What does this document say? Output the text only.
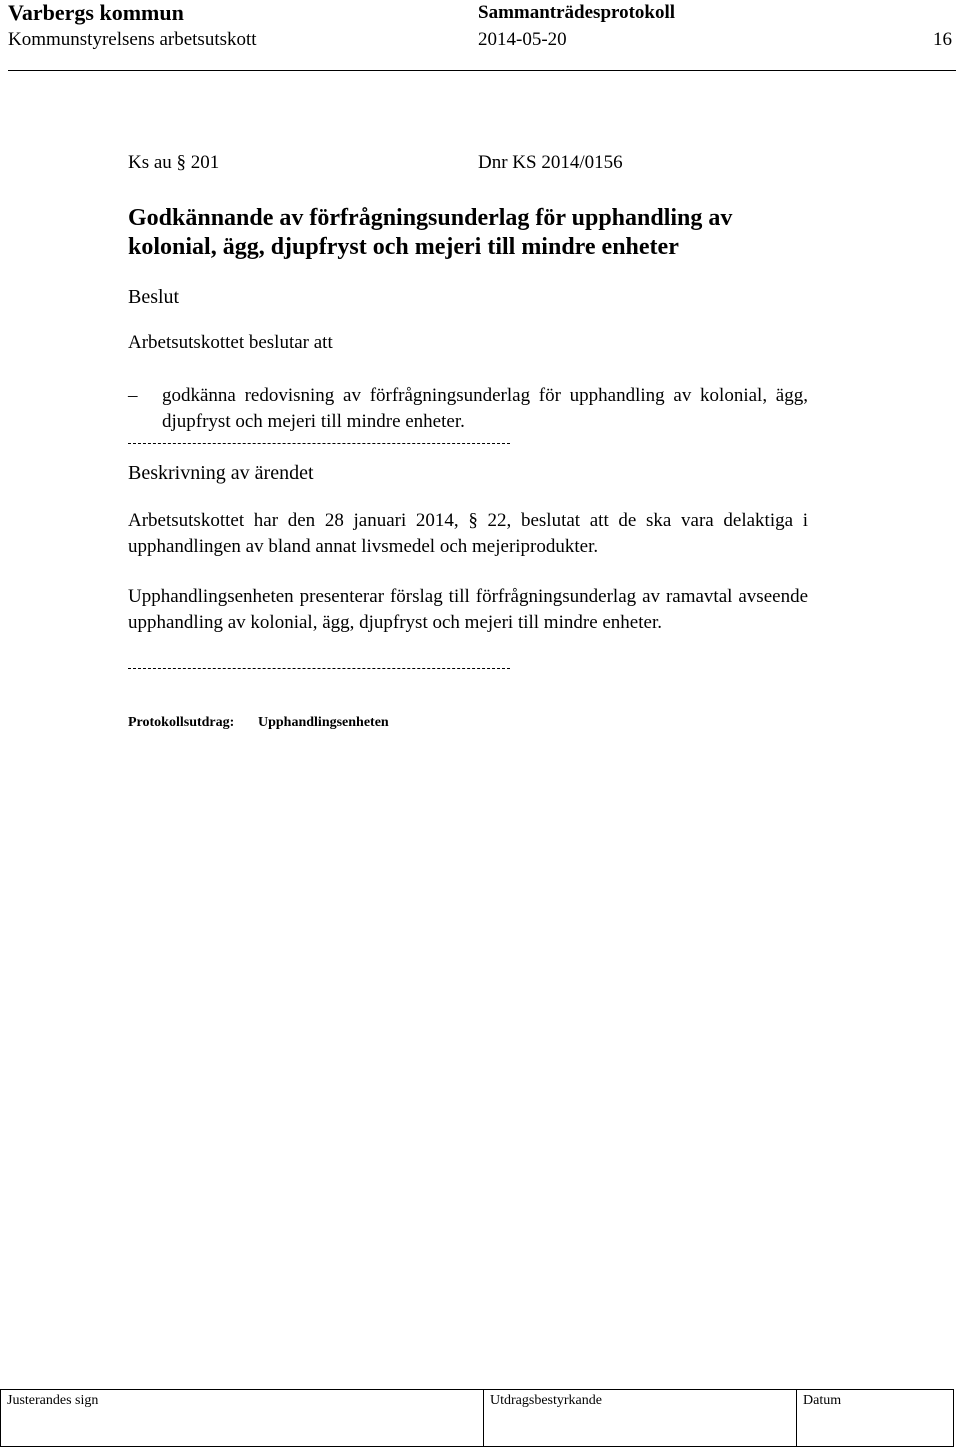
Varbergs kommun
Kommunstyrelsens arbetsutskott
Sammanträdesprotokoll
2014-05-20	16
Ks au § 201	Dnr KS 2014/0156
Godkännande av förfrågningsunderlag för upphandling av kolonial, ägg, djupfryst och mejeri till mindre enheter
Beslut
Arbetsutskottet beslutar att
– godkänna redovisning av förfrågningsunderlag för upphandling av kolonial, ägg, djupfryst och mejeri till mindre enheter.
Beskrivning av ärendet
Arbetsutskottet har den 28 januari 2014, § 22, beslutat att de ska vara delaktiga i upphandlingen av bland annat livsmedel och mejeriprodukter.
Upphandlingsenheten presenterar förslag till förfrågningsunderlag av ramavtal avseende upphandling av kolonial, ägg, djupfryst och mejeri till mindre enheter.
Protokollsutdrag: Upphandlingsenheten
Justerandes sign	Utdragsbestyrkande	Datum
